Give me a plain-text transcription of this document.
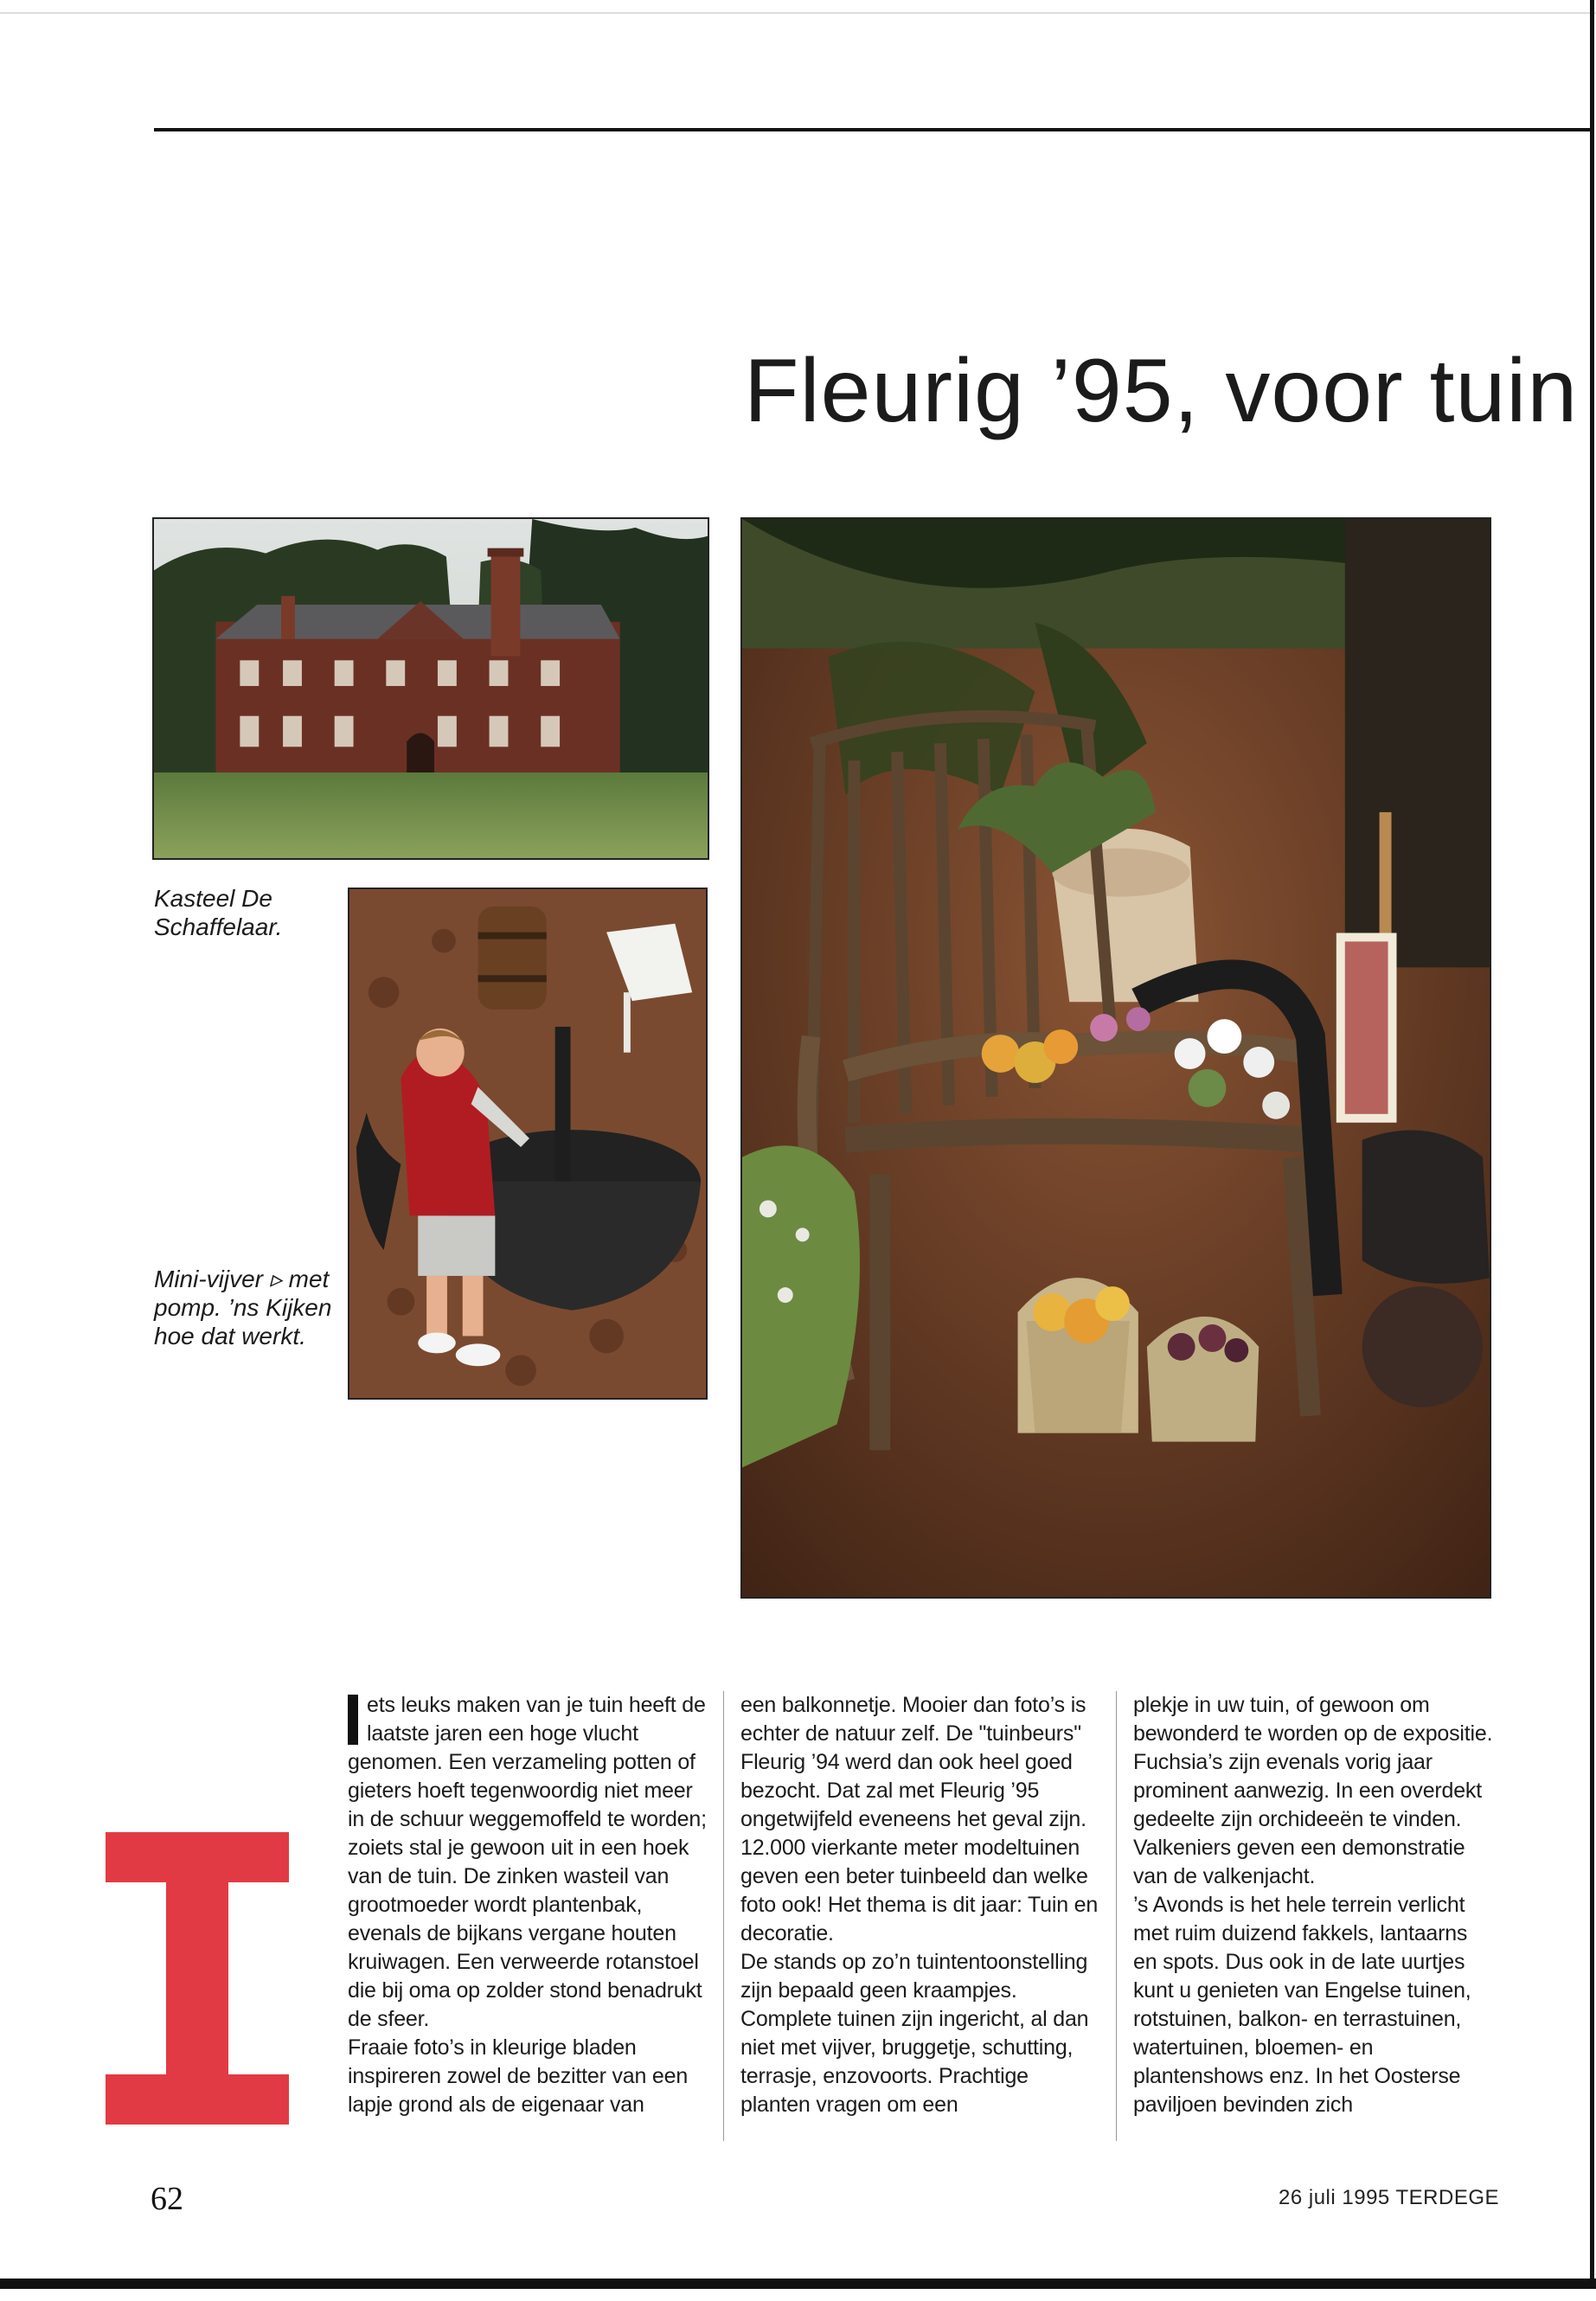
Fleurig ’95, voor tuin
Kasteel De Schaffelaar.
Mini-vijver ▹ met pomp. ’ns Kijken hoe dat werkt.

ets leuks maken van je tuin heeft de laatste jaren een hoge vlucht genomen. Een verzameling potten of gieters hoeft tegenwoordig niet meer in de schuur weggemoffeld te worden; zoiets stal je gewoon uit in een hoek van de tuin. De zinken wasteil van grootmoeder wordt plantenbak, evenals de bijkans vergane houten kruiwagen. Een verweerde rotanstoel die bij oma op zolder stond benadrukt de sfeer.

Fraaie foto’s in kleurige bladen inspireren zowel de bezitter van een lapje grond als de eigenaar van

een balkonnetje. Mooier dan foto’s is echter de natuur zelf. De "tuinbeurs" Fleurig ’94 werd dan ook heel goed bezocht. Dat zal met Fleurig ’95 ongetwijfeld eveneens het geval zijn. 12.000 vierkante meter modeltuinen geven een beter tuinbeeld dan welke foto ook! Het thema is dit jaar: Tuin en decoratie.

De stands op zo’n tuintentoonstelling zijn bepaald geen kraampjes. Complete tuinen zijn ingericht, al dan niet met vijver, bruggetje, schutting, terrasje, enzovoorts. Prachtige planten vragen om een

plekje in uw tuin, of gewoon om bewonderd te worden op de expositie. Fuchsia’s zijn evenals vorig jaar prominent aanwezig. In een overdekt gedeelte zijn orchideeën te vinden. Valkeniers geven een demonstratie van de valkenjacht.

’s Avonds is het hele terrein verlicht met ruim duizend fakkels, lantaarns en spots. Dus ook in de late uurtjes kunt u genieten van Engelse tuinen, rotstuinen, balkon- en terrastuinen, watertuinen, bloemen- en plantenshows enz. In het Oosterse paviljoen bevinden zich

62	26 juli 1995 TERDEGE
